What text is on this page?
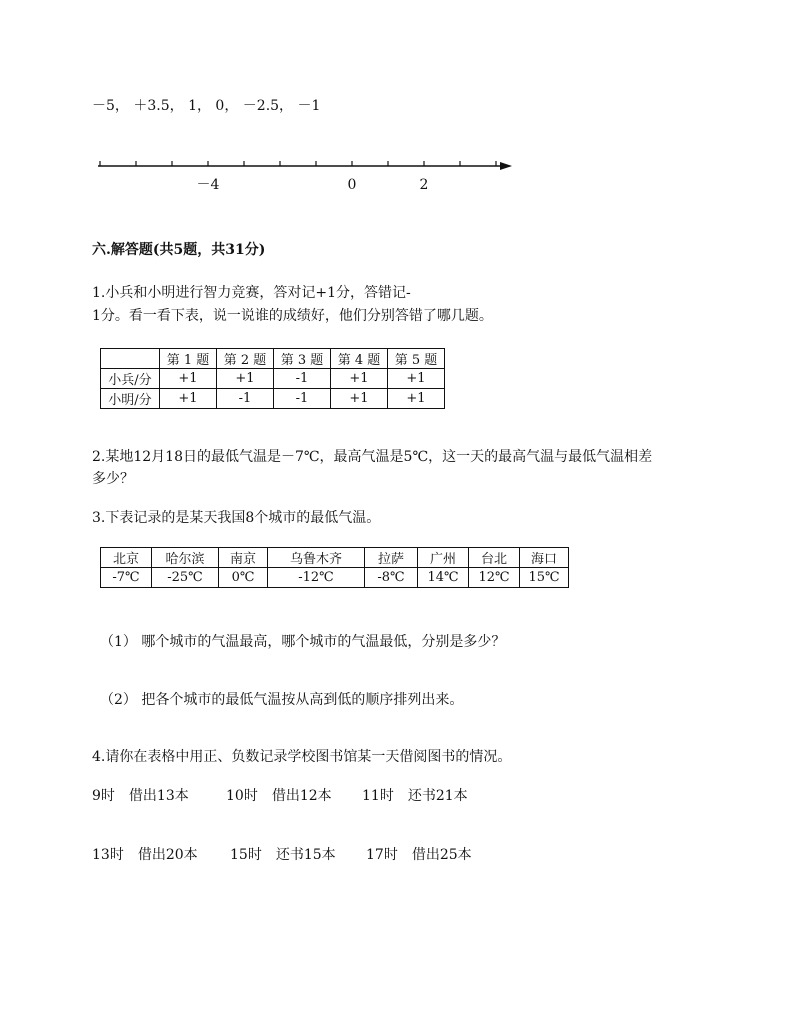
－5， ＋3.5， 1， 0， －2.5， －1
－4	0	2
六.解答题(共5题，共31分)
1.小兵和小明进行智力竞赛，答对记+1分，答错记-
1分。看一看下表，说一说谁的成绩好，他们分别答错了哪几题。
	第 1 题	第 2 题	第 3 题	第 4 题	第 5 题
小兵/分	+1	+1	-1	+1	+1
小明/分	+1	-1	-1	+1	+1
2.某地12月18日的最低气温是－7℃，最高气温是5℃，这一天的最高气温与最低气温相差
多少？
3.下表记录的是某天我国8个城市的最低气温。
北京	哈尔滨	南京	乌鲁木齐	拉萨	广州	台北	海口
-7℃	-25℃	0℃	-12℃	-8℃	14℃	12℃	15℃
（1） 哪个城市的气温最高，哪个城市的气温最低，分别是多少？
（2） 把各个城市的最低气温按从高到低的顺序排列出来。
4.请你在表格中用正、负数记录学校图书馆某一天借阅图书的情况。
9时　借出13本	10时　借出12本 11时　还书21本
13时　借出20本 15时　还书15本 17时　借出25本
